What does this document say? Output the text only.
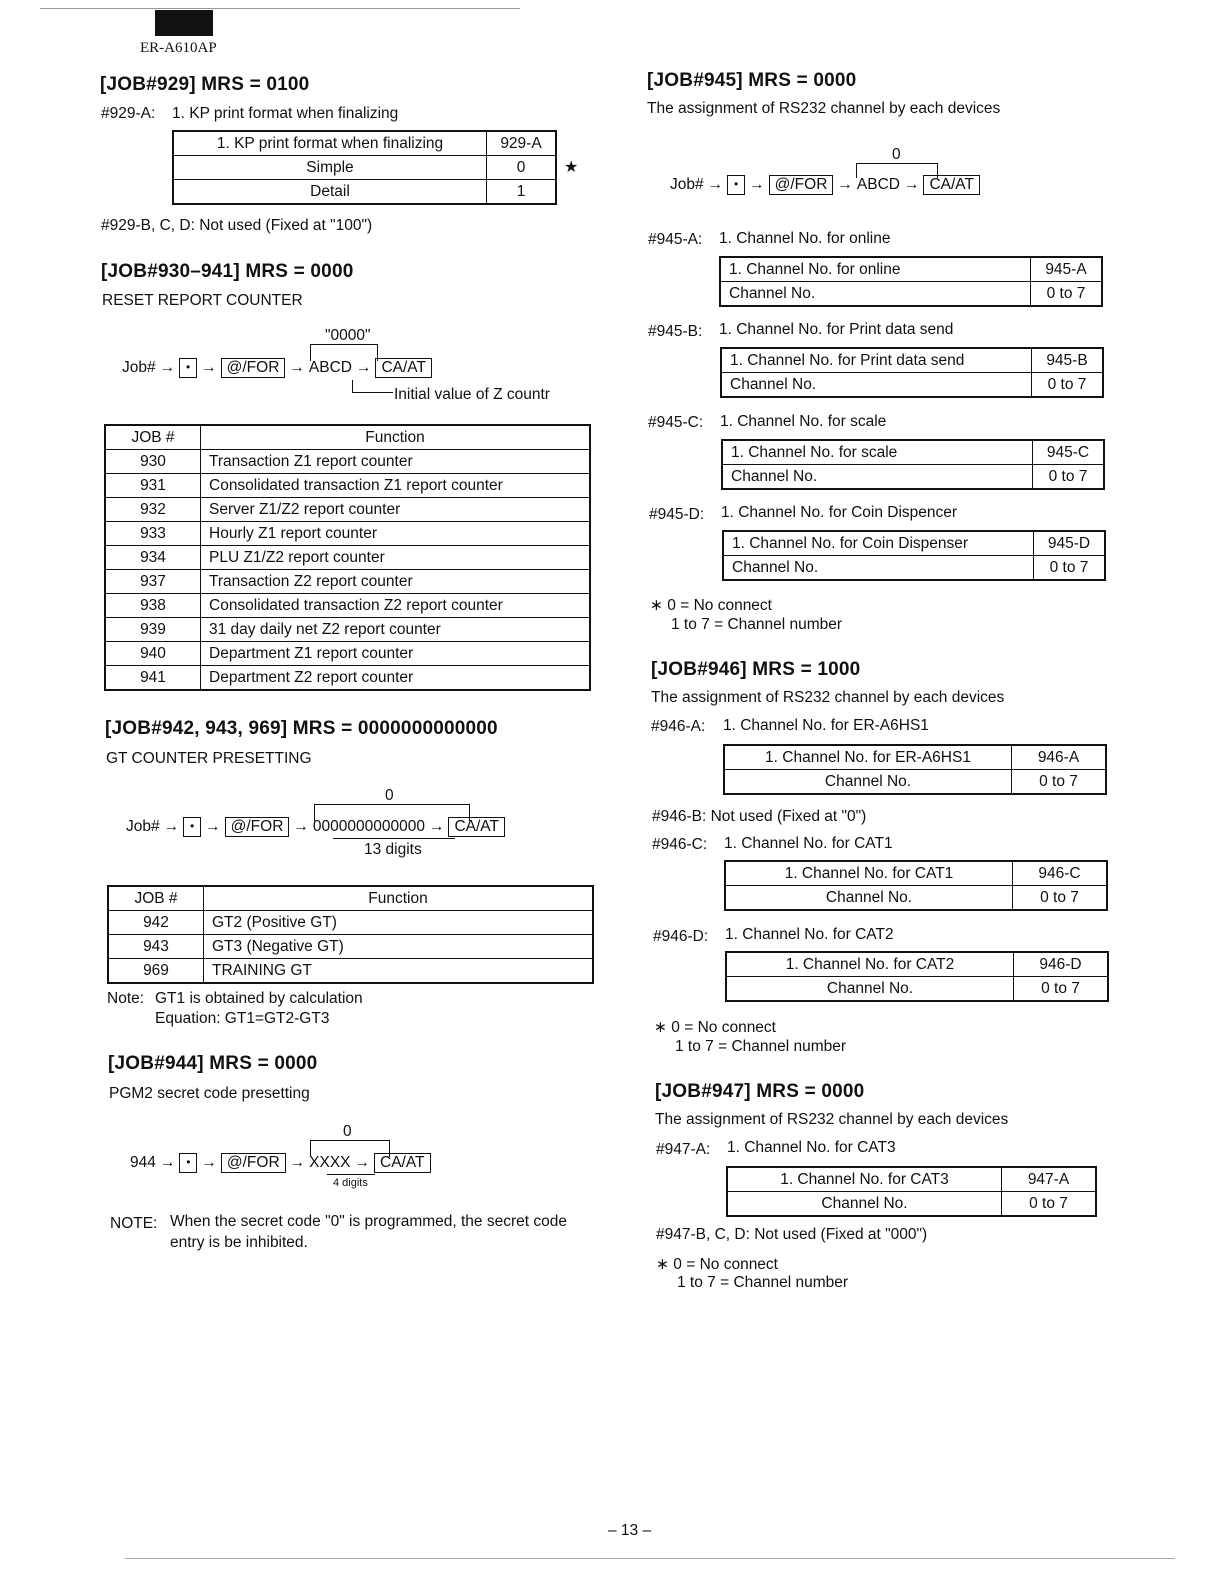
ER-A610AP
[JOB#929] MRS = 0100
#929-A: 1. KP print format when finalizing
1. KP print format when finalizing	929-A
Simple	0
Detail	1
★
#929-B, C, D: Not used (Fixed at "100")
[JOB#930–941] MRS = 0000
RESET REPORT COUNTER
"0000"
Job# → • → @/FOR → ABCD → CA/AT
Initial value of Z countr
JOB #	Function
930	Transaction Z1 report counter
931	Consolidated transaction Z1 report counter
932	Server Z1/Z2 report counter
933	Hourly Z1 report counter
934	PLU Z1/Z2 report counter
937	Transaction Z2 report counter
938	Consolidated transaction Z2 report counter
939	31 day daily net Z2 report counter
940	Department Z1 report counter
941	Department Z2 report counter
[JOB#942, 943, 969] MRS = 0000000000000
GT COUNTER PRESETTING
0
Job# → • → @/FOR → 0000000000000 → CA/AT
13 digits
JOB #	Function
942	GT2 (Positive GT)
943	GT3 (Negative GT)
969	TRAINING GT
Note: GT1 is obtained by calculation
Equation: GT1=GT2-GT3
[JOB#944] MRS = 0000
PGM2 secret code presetting
0
944 → • → @/FOR → XXXX → CA/AT
4 digits
NOTE: When the secret code "0" is programmed, the secret code
entry is be inhibited.
[JOB#945] MRS = 0000
The assignment of RS232 channel by each devices
0
Job# → • → @/FOR → ABCD → CA/AT
#945-A: 1. Channel No. for online
1. Channel No. for online	945-A
Channel No.	0 to 7
#945-B: 1. Channel No. for Print data send
1. Channel No. for Print data send	945-B
Channel No.	0 to 7
#945-C: 1. Channel No. for scale
1. Channel No. for scale	945-C
Channel No.	0 to 7
#945-D: 1. Channel No. for Coin Dispencer
1. Channel No. for Coin Dispenser	945-D
Channel No.	0 to 7
∗ 0 = No connect
1 to 7 = Channel number
[JOB#946] MRS = 1000
The assignment of RS232 channel by each devices
#946-A: 1. Channel No. for ER-A6HS1
1. Channel No. for ER-A6HS1	946-A
Channel No.	0 to 7
#946-B: Not used (Fixed at "0")
#946-C: 1. Channel No. for CAT1
1. Channel No. for CAT1	946-C
Channel No.	0 to 7
#946-D: 1. Channel No. for CAT2
1. Channel No. for CAT2	946-D
Channel No.	0 to 7
∗ 0 = No connect
1 to 7 = Channel number
[JOB#947] MRS = 0000
The assignment of RS232 channel by each devices
#947-A: 1. Channel No. for CAT3
1. Channel No. for CAT3	947-A
Channel No.	0 to 7
#947-B, C, D: Not used (Fixed at "000")
∗ 0 = No connect
1 to 7 = Channel number
– 13 –
